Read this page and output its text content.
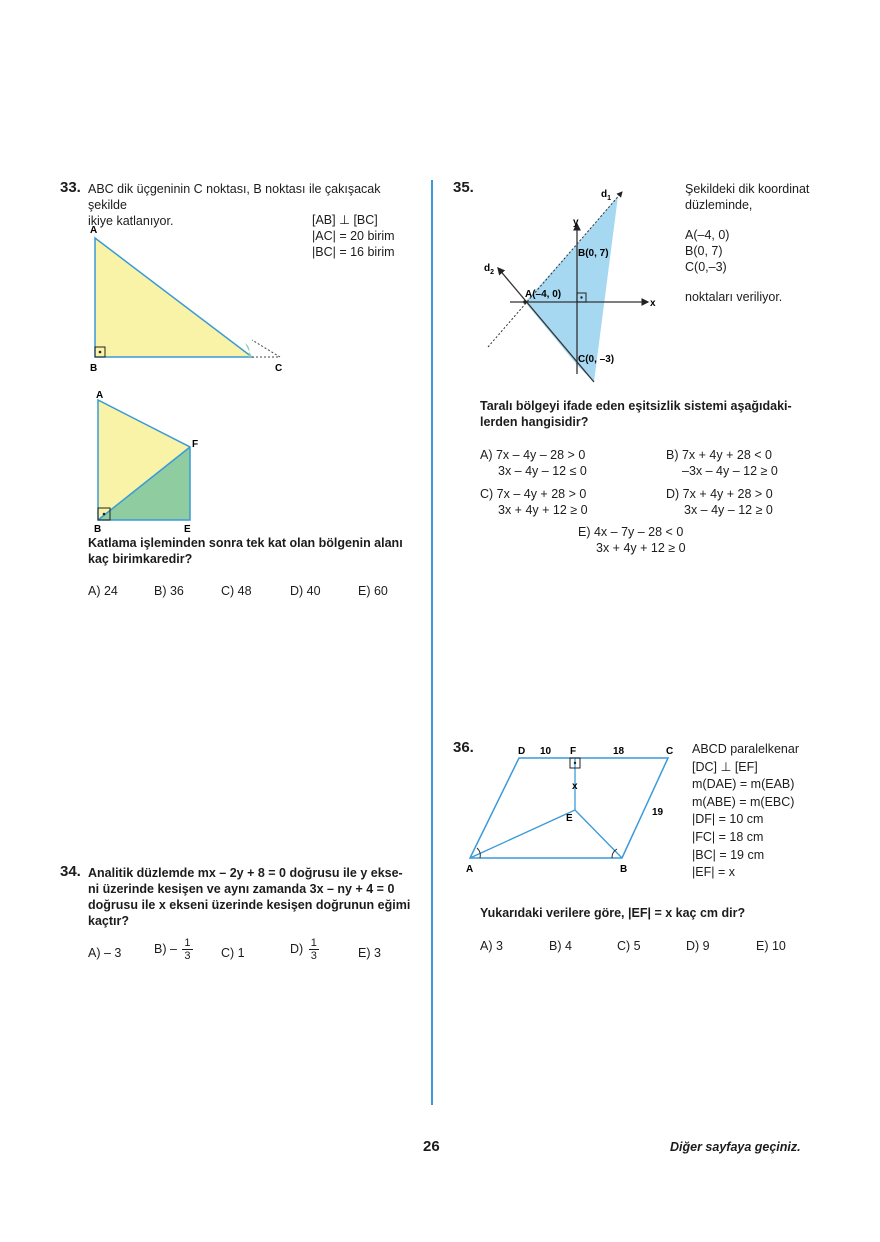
33. ABC dik üçgeninin C noktası, B noktası ile çakışacak şekilde
ikiye katlanıyor.	[AB] ⊥ [BC]
|AC| = 20 birim
|BC| = 16 birim
A
B	C
A
B	E
F
Katlama işleminden sonra tek kat olan bölgenin alanı
kaç birimkaredir?
A) 24	B) 36	C) 48	D) 40	E) 60
34. Analitik düzlemde mx – 2y + 8 = 0 doğrusu ile y ekse-
ni üzerinde kesişen ve aynı zamanda 3x – ny + 4 = 0
doğrusu ile x ekseni üzerinde kesişen doğrunun eğimi
kaçtır?
A) – 3	$B) - \frac{1}{3} C$) 1	$D) \frac{1}{3}$	E) 3
35.	$d_1$
$d_2$
y
x
A(–4, 0)
B(0, 7)
C(0, –3)
Şekildeki dik koordinat
düzleminde,
A(–4, 0)
B(0, 7)
C(0,–3)
noktaları veriliyor.
Taralı bölgeyi ifade eden eşitsizlik sistemi aşağıdaki-
lerden hangisidir?
A) 7x – 4y – 28 > 0
3x – 4y – 12 ≤ 0
B) 7x + 4y + 28 < 0
–3x – 4y – 12 ≥ 0
C) 7x – 4y + 28 > 0
3x + 4y + 12 ≥ 0
D) 7x + 4y + 28 > 0
3x – 4y – 12 ≥ 0
E) 4x – 7y – 28 < 0
3x + 4y + 12 ≥ 0
36.	D 10 F	18	C
x
E
19
A	B
ABCD paralelkenar
[DC] ⊥ [EF]
m(DAE) = m(EAB)
m(ABE) = m(EBC)
|DF| = 10 cm
|FC| = 18 cm
|BC| = 19 cm
|EF| = x
Yukarıdaki verilere göre, |EF| = x kaç cm dir?
A) 3	B) 4	C) 5	D) 9	E) 10
26	Diğer sayfaya geçiniz.
